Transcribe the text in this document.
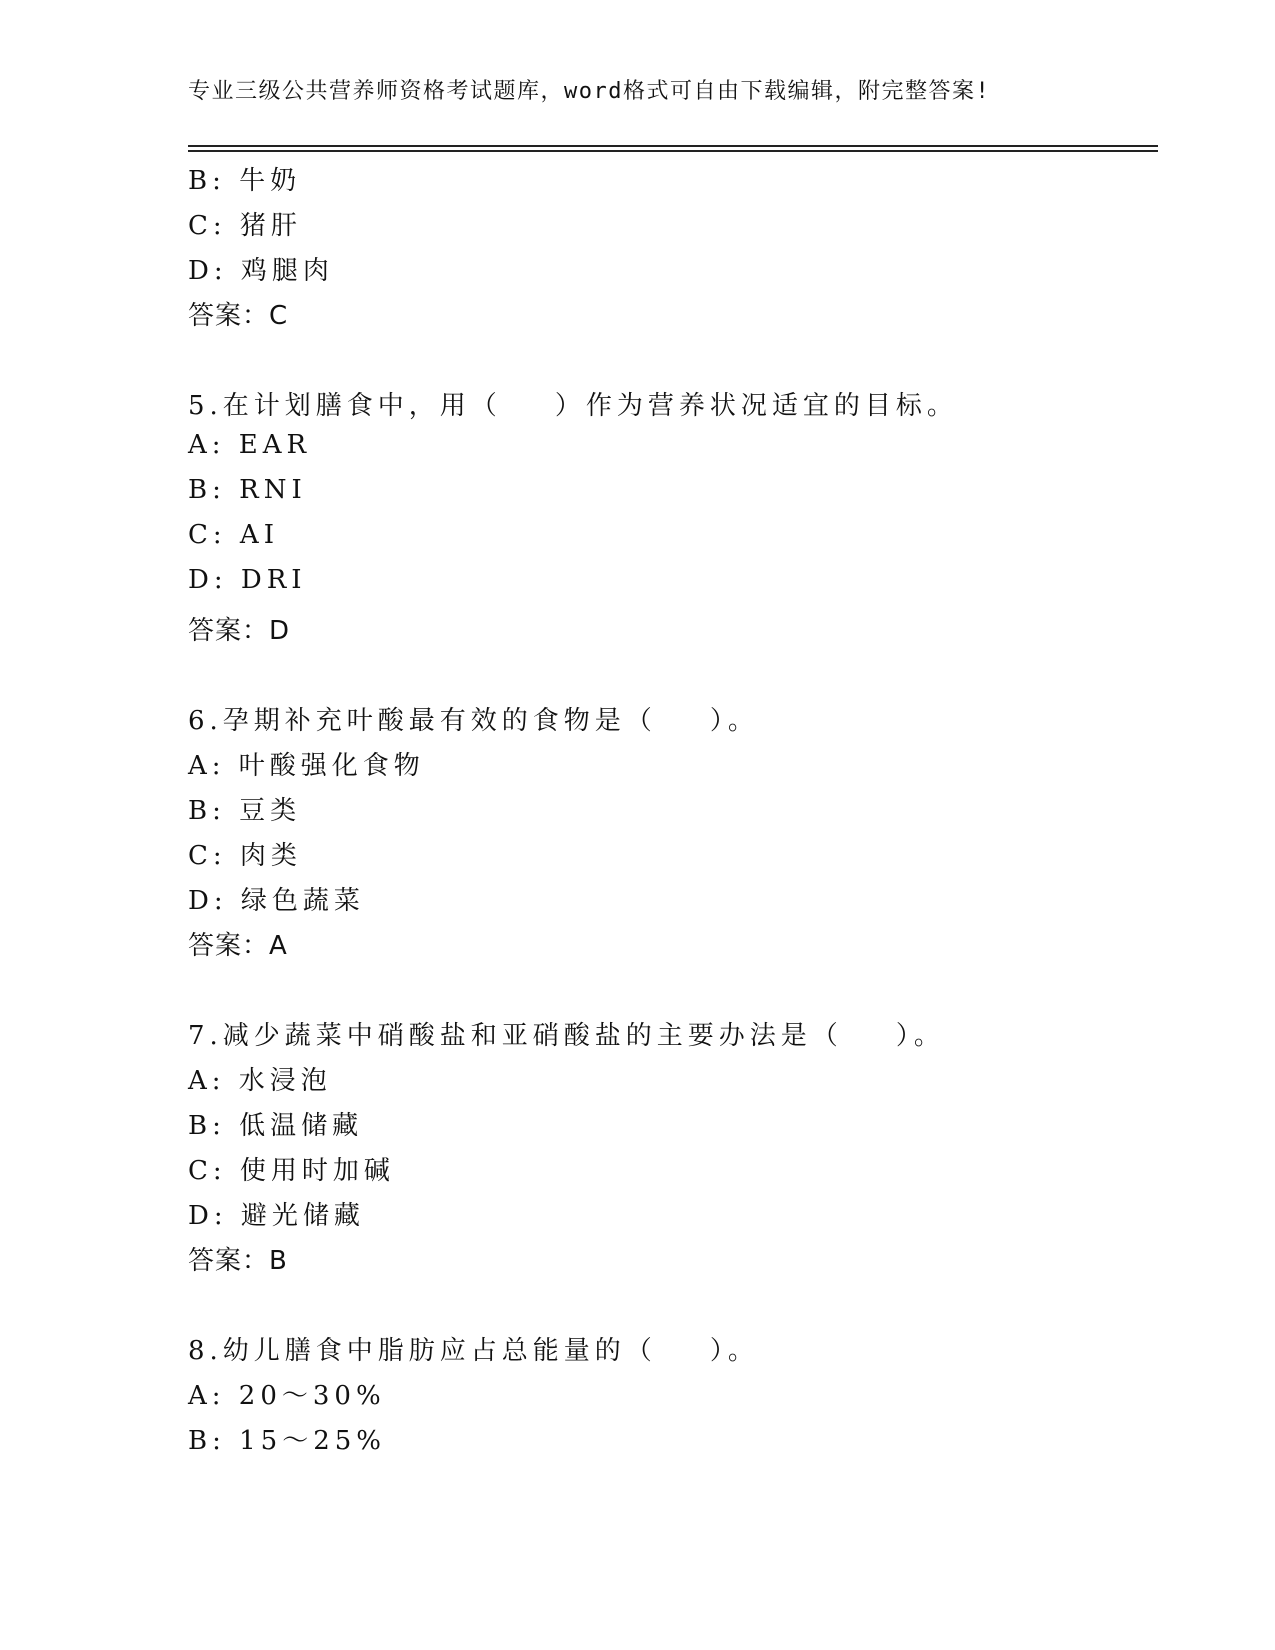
专业三级公共营养师资格考试题库，word格式可自由下载编辑，附完整答案!
B: 牛奶
C: 猪肝
D: 鸡腿肉
答案：C
5.在计划膳食中，用（    ）作为营养状况适宜的目标。
A: EAR
B: RNI
C: AI
D: DRI
答案：D
6.孕期补充叶酸最有效的食物是（    ）。
A: 叶酸强化食物
B: 豆类
C: 肉类
D: 绿色蔬菜
答案：A
7.减少蔬菜中硝酸盐和亚硝酸盐的主要办法是（    ）。
A: 水浸泡
B: 低温储藏
C: 使用时加碱
D: 避光储藏
答案：B
8.幼儿膳食中脂肪应占总能量的（    ）。
A: 20～30%
B: 15～25%
